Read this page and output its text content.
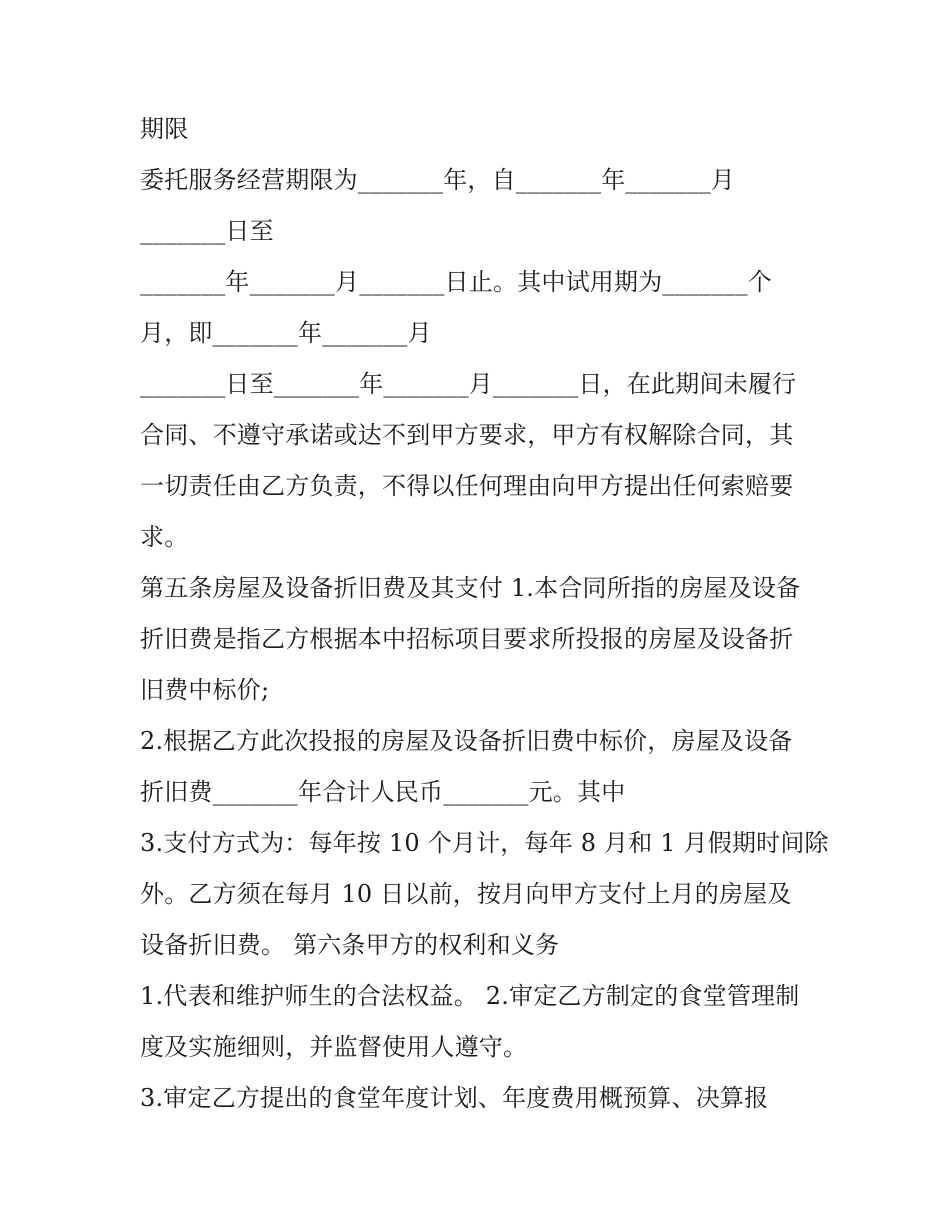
期限

委托服务经营期限为_______年，自_______年_______月

_______日至

_______年_______月_______日止。其中试用期为_______个

月，即_______年_______月

_______日至_______年_______月_______日，在此期间未履行

合同、不遵守承诺或达不到甲方要求，甲方有权解除合同，其

一切责任由乙方负责，不得以任何理由向甲方提出任何索赔要

求。

第五条房屋及设备折旧费及其支付 1.本合同所指的房屋及设备

折旧费是指乙方根据本中招标项目要求所投报的房屋及设备折

旧费中标价;

2.根据乙方此次投报的房屋及设备折旧费中标价，房屋及设备

折旧费_______年合计人民币_______元。其中

3.支付方式为：每年按 10 个月计，每年 8 月和 1 月假期时间除

外。乙方须在每月 10 日以前，按月向甲方支付上月的房屋及

设备折旧费。 第六条甲方的权利和义务

1.代表和维护师生的合法权益。 2.审定乙方制定的食堂管理制

度及实施细则，并监督使用人遵守。

3.审定乙方提出的食堂年度计划、年度费用概预算、决算报
